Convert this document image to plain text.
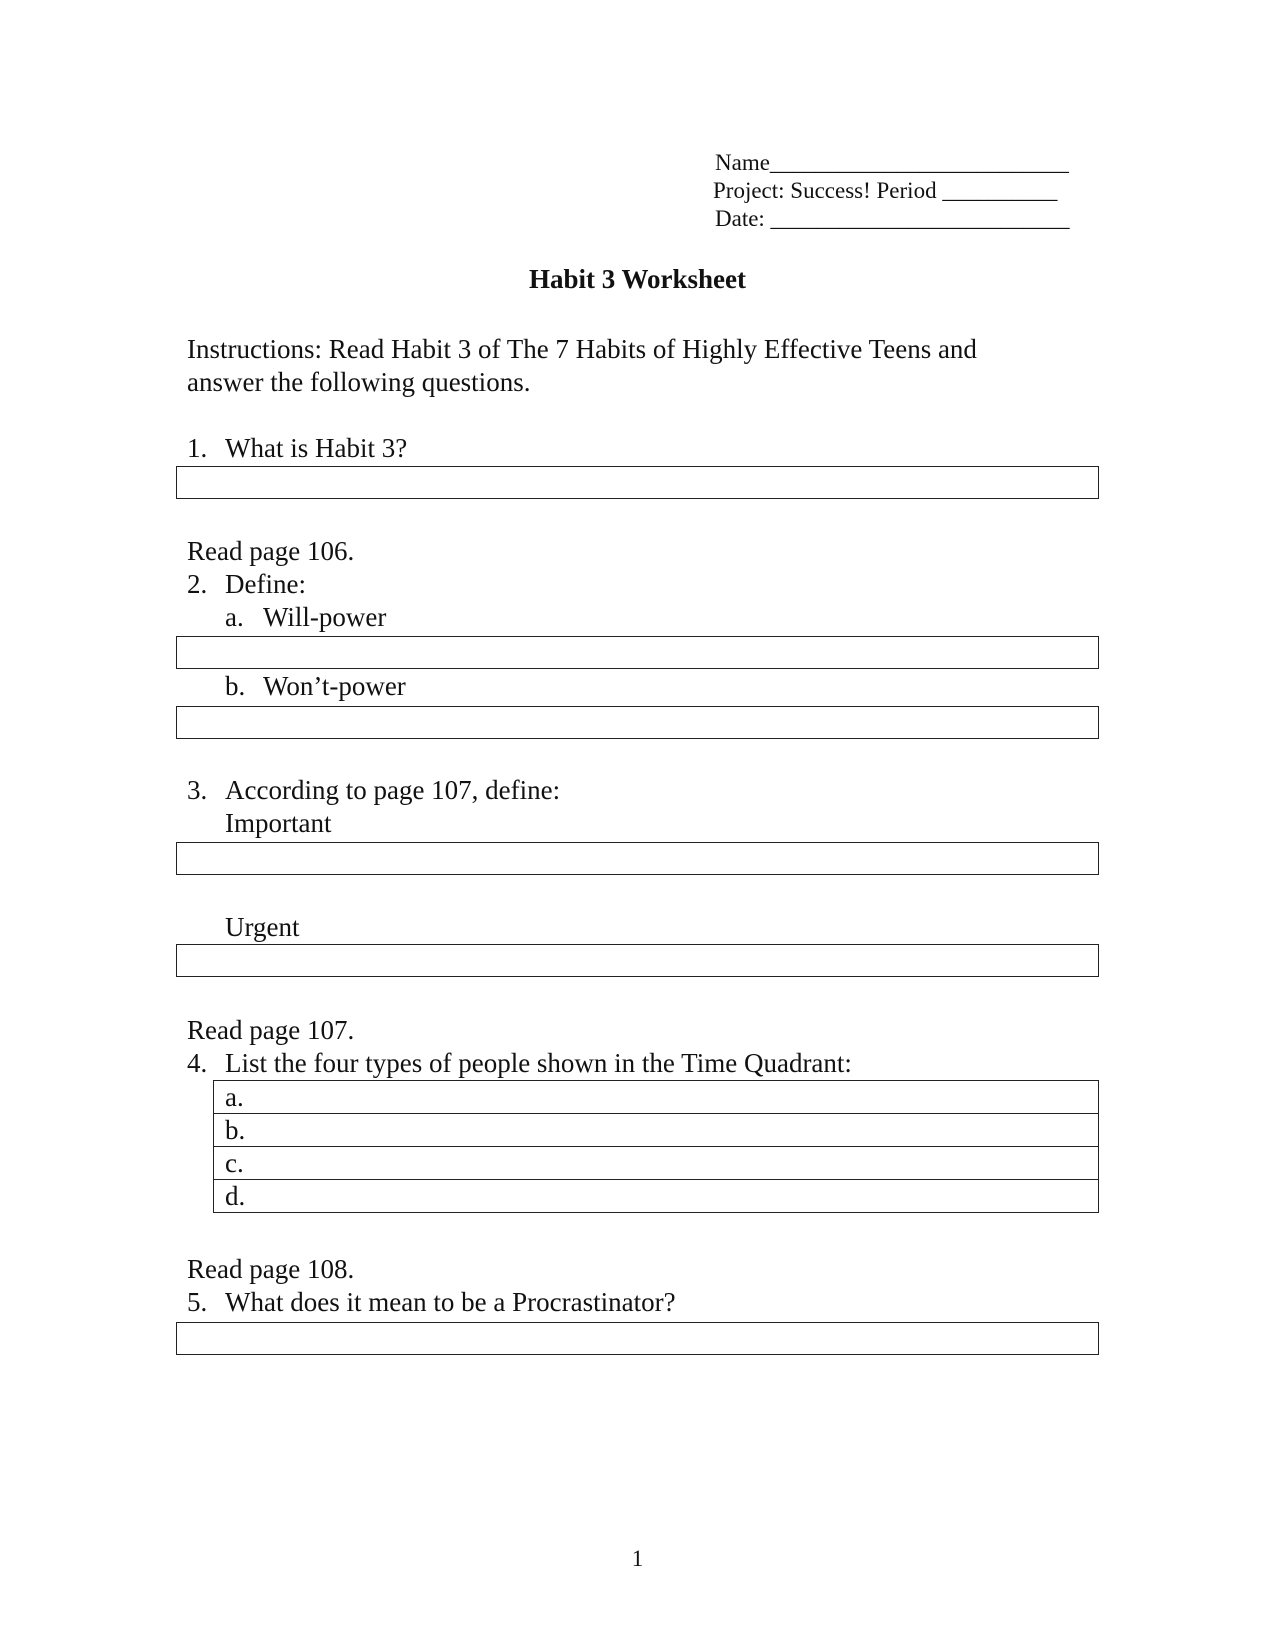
Name__________________________
Project: Success! Period __________
Date: __________________________
Habit 3 Worksheet
Instructions: Read Habit 3 of The 7 Habits of Highly Effective Teens and
answer the following questions.
1. What is Habit 3?
Read page 106.
2. Define:
a. Will-power
b. Won’t-power
3. According to page 107, define:
Important
Urgent
Read page 107.
4. List the four types of people shown in the Time Quadrant:
a.
b.
c.
d.
Read page 108.
5. What does it mean to be a Procrastinator?
1
